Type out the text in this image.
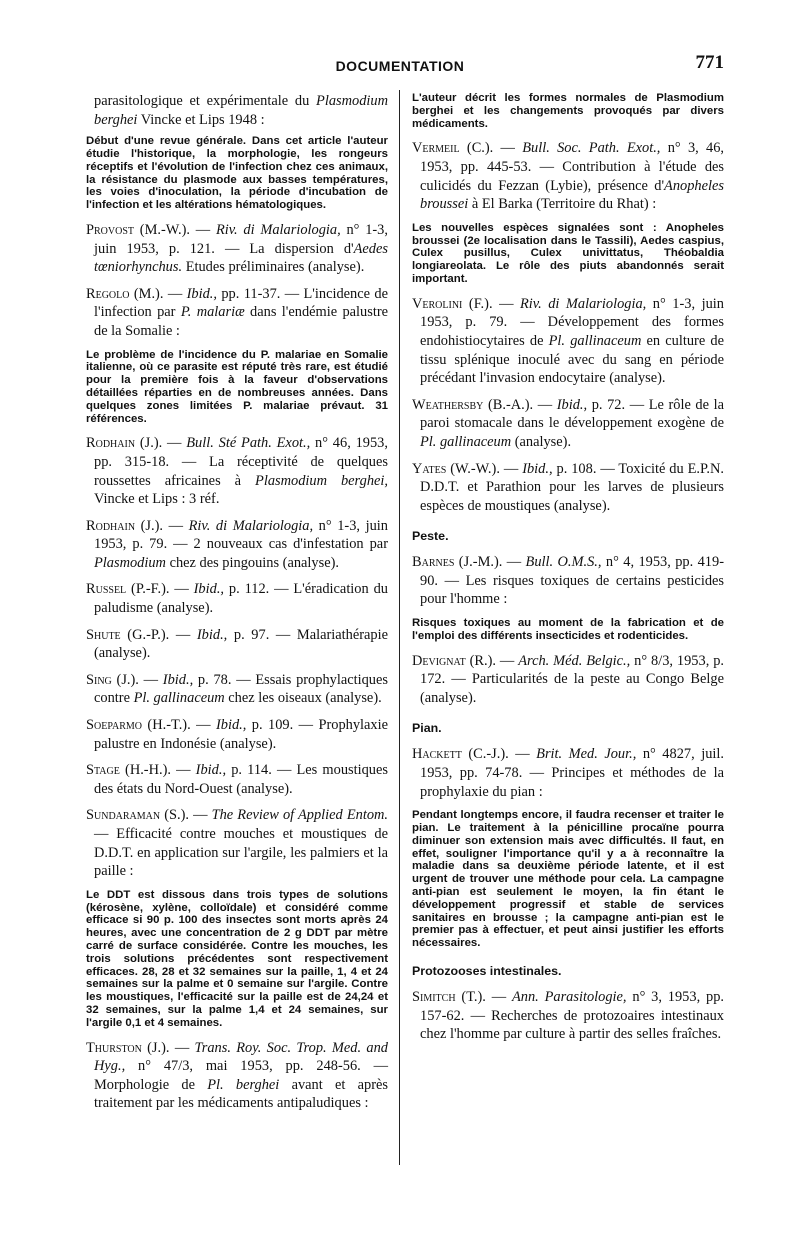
DOCUMENTATION	771

parasitologique et expérimentale du Plasmodium berghei Vincke et Lips 1948 :

Début d'une revue générale. Dans cet article l'auteur étudie l'historique, la morphologie, les rongeurs réceptifs et l'évolution de l'infection chez ces animaux, la résistance du plasmode aux basses températures, les voies d'inoculation, la période d'incubation de l'infection et les altérations hématologiques.

Provost (M.-W.). — Riv. di Malariologia, n° 1-3, juin 1953, p. 121. — La dispersion d'Aedes tœniorhynchus. Etudes préliminaires (analyse).

Regolo (M.). — Ibid., pp. 11-37. — L'incidence de l'infection par P. malariæ dans l'endémie palustre de la Somalie :

Le problème de l'incidence du P. malariae en Somalie italienne, où ce parasite est réputé très rare, est étudié pour la première fois à la faveur d'observations détaillées réparties en de nombreuses années. Dans quelques zones limitées P. malariae prévaut. 31 références.

Rodhain (J.). — Bull. Sté Path. Exot., n° 46, 1953, pp. 315-18. — La réceptivité de quelques roussettes africaines à Plasmodium berghei, Vincke et Lips : 3 réf.

Rodhain (J.). — Riv. di Malariologia, n° 1-3, juin 1953, p. 79. — 2 nouveaux cas d'infestation par Plasmodium chez des pingouins (analyse).

Russel (P.-F.). — Ibid., p. 112. — L'éradication du paludisme (analyse).

Shute (G.-P.). — Ibid., p. 97. — Malariathérapie (analyse).

Sing (J.). — Ibid., p. 78. — Essais prophylactiques contre Pl. gallinaceum chez les oiseaux (analyse).

Soeparmo (H.-T.). — Ibid., p. 109. — Prophylaxie palustre en Indonésie (analyse).

Stage (H.-H.). — Ibid., p. 114. — Les moustiques des états du Nord-Ouest (analyse).

Sundaraman (S.). — The Review of Applied Entom. — Efficacité contre mouches et moustiques de D.D.T. en application sur l'argile, les palmiers et la paille :

Le DDT est dissous dans trois types de solutions (kérosène, xylène, colloïdale) et considéré comme efficace si 90 p. 100 des insectes sont morts après 24 heures, avec une concentration de 2 g DDT par mètre carré de surface considérée. Contre les mouches, les trois solutions précédentes sont respectivement efficaces. 28, 28 et 32 semaines sur la paille, 1, 4 et 24 semaines sur la palme et 0 semaine sur l'argile. Contre les moustiques, l'efficacité sur la paille est de 24,24 et 32 semaines, sur la palme 1,4 et 24 semaines, sur l'argile 0,1 et 4 semaines.

Thurston (J.). — Trans. Roy. Soc. Trop. Med. and Hyg., n° 47/3, mai 1953, pp. 248-56. — Morphologie de Pl. berghei avant et après traitement par les médicaments antipaludiques :

L'auteur décrit les formes normales de Plasmodium berghei et les changements provoqués par divers médicaments.

Vermeil (C.). — Bull. Soc. Path. Exot., n° 3, 46, 1953, pp. 445-53. — Contribution à l'étude des culicidés du Fezzan (Lybie), présence d'Anopheles broussei à El Barka (Territoire du Rhat) :

Les nouvelles espèces signalées sont : Anopheles broussei (2e localisation dans le Tassili), Aedes caspius, Culex pusillus, Culex univittatus, Théobaldia longiareolata. Le rôle des piuts abandonnés serait important.

Verolini (F.). — Riv. di Malariologia, n° 1-3, juin 1953, p. 79. — Développement des formes endohistiocytaires de Pl. gallinaceum en culture de tissu splénique inoculé avec du sang en période précédant l'invasion endocytaire (analyse).

Weathersby (B.-A.). — Ibid., p. 72. — Le rôle de la paroi stomacale dans le développement exogène de Pl. gallinaceum (analyse).

Yates (W.-W.). — Ibid., p. 108. — Toxicité du E.P.N. D.D.T. et Parathion pour les larves de plusieurs espèces de moustiques (analyse).

Peste.

Barnes (J.-M.). — Bull. O.M.S., n° 4, 1953, pp. 419-90. — Les risques toxiques de certains pesticides pour l'homme :

Risques toxiques au moment de la fabrication et de l'emploi des différents insecticides et rodenticides.

Devignat (R.). — Arch. Méd. Belgic., n° 8/3, 1953, p. 172. — Particularités de la peste au Congo Belge (analyse).

Pian.

Hackett (C.-J.). — Brit. Med. Jour., n° 4827, juil. 1953, pp. 74-78. — Principes et méthodes de la prophylaxie du pian :

Pendant longtemps encore, il faudra recenser et traiter le pian. Le traitement à la pénicilline procaïne pourra diminuer son extension mais avec difficultés. Il faut, en effet, souligner l'importance qu'il y a à reconnaître la maladie dans sa deuxième période latente, et il est urgent de trouver une méthode pour cela. La campagne anti-pian est seulement le moyen, la fin étant le développement progressif et stable de services sanitaires en brousse ; la campagne anti-pian est le premier pas à effectuer, et peut ainsi justifier les efforts nécessaires.

Protozooses intestinales.

Simitch (T.). — Ann. Parasitologie, n° 3, 1953, pp. 157-62. — Recherches de protozoaires intestinaux chez l'homme par culture à partir des selles fraîches.
